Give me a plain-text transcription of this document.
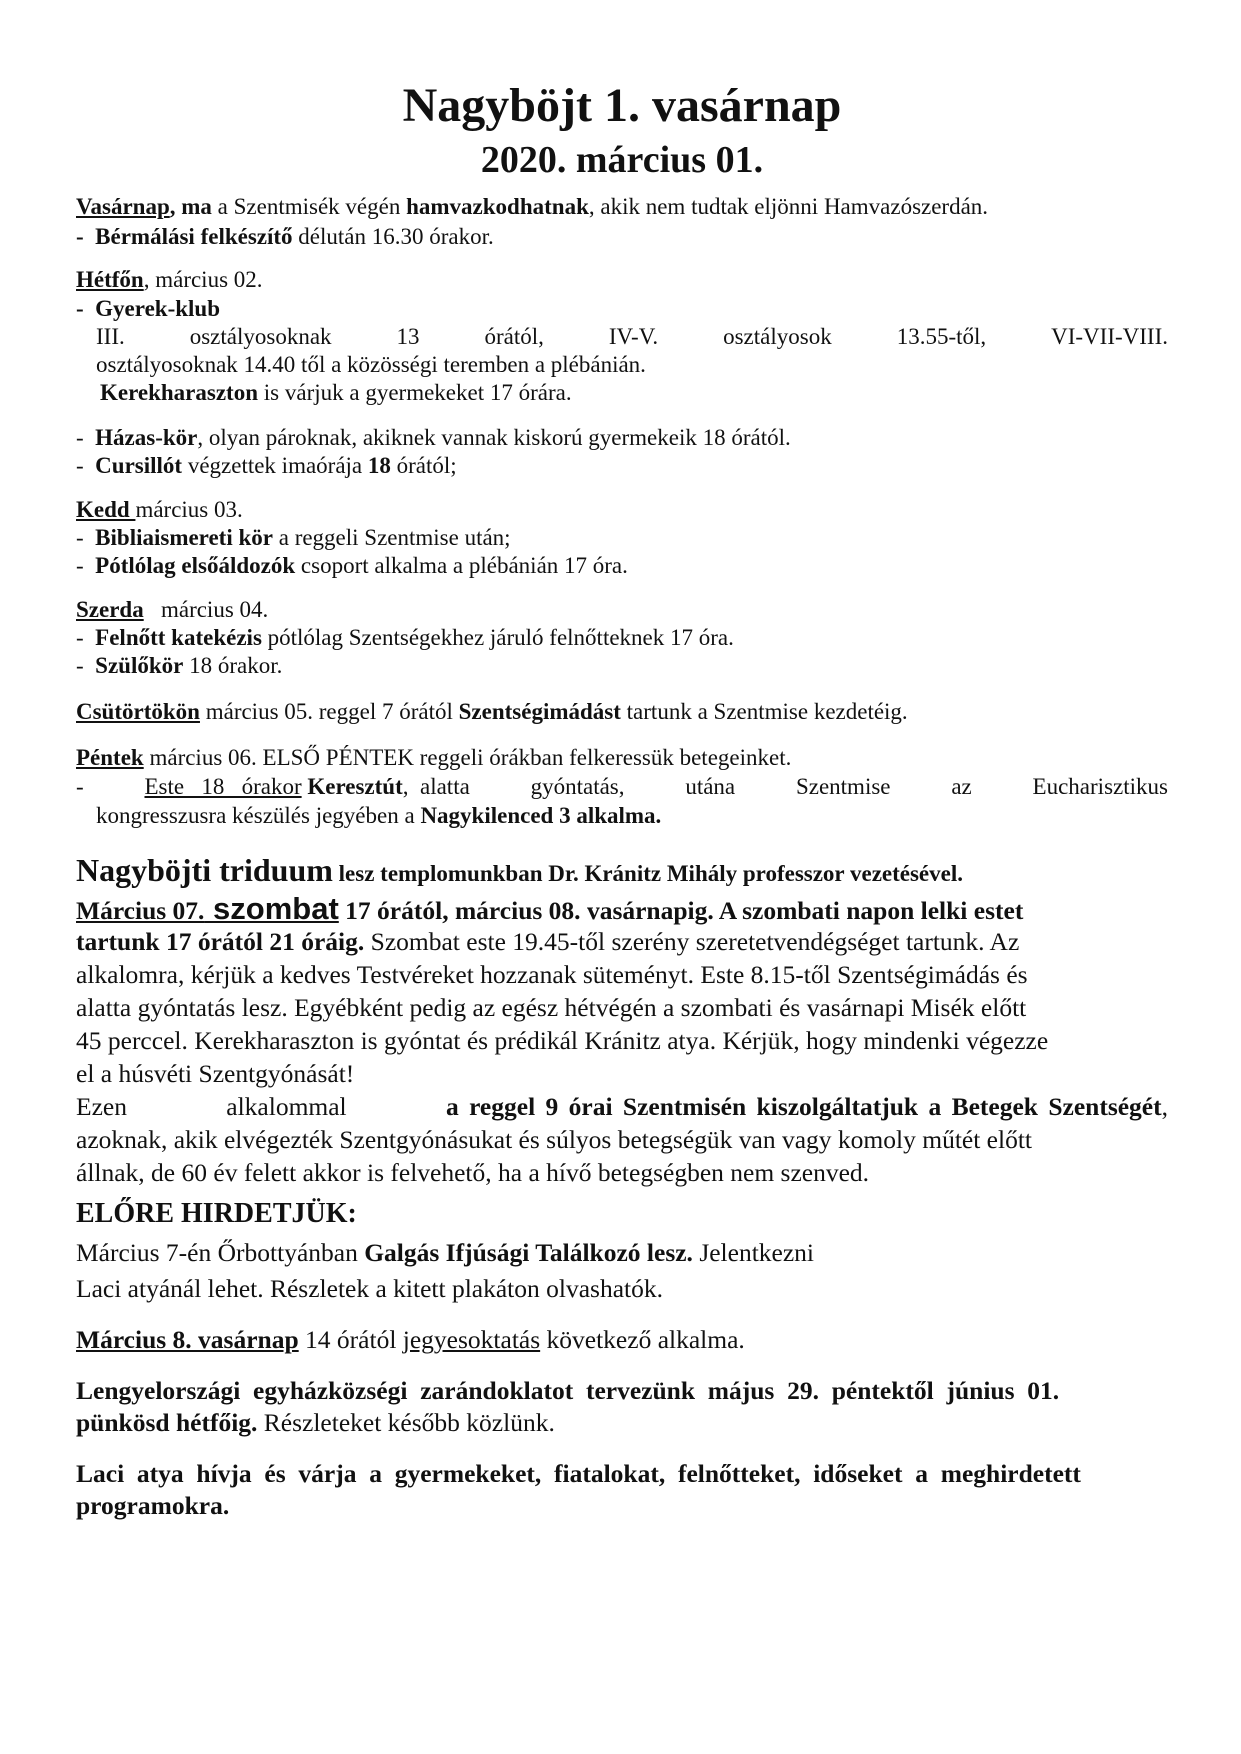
Nagyböjt 1. vasárnap
2020. március 01.

Vasárnap, ma a Szentmisék végén hamvazkodhatnak, akik nem tudtak eljönni Hamvazószerdán.

- Bérmálási felkészítő délután 16.30 órakor.

Hétfőn, március 02.

- Gyerek-klub

III.	osztályosoknak	13	órától,	IV-V.	osztályosok	13.55-től,	VI-VII-VIII.

osztályosoknak 14.40 től a közösségi teremben a plébánián.

Kerekharaszton is várjuk a gyermekeket 17 órára.

- Házas-kör, olyan pároknak, akiknek vannak kiskorú gyermekeik 18 órától.

- Cursillót végzettek imaórája 18 órától;

Kedd március 03.

- Bibliaismereti kör a reggeli Szentmise után;

- Pótlólag elsőáldozók csoport alkalma a plébánián 17 óra.

Szerda   március 04.

- Felnőtt katekézis pótlólag Szentségekhez járuló felnőtteknek 17 óra.

- Szülőkör 18 órakor.

Csütörtökön március 05. reggel 7 órától Szentségimádást tartunk a Szentmise kezdetéig.

Péntek március 06. ELSŐ PÉNTEK reggeli órákban felkeressük betegeinket.

-	Este   18   órakor Keresztút,  alatta	gyóntatás,	utána	Szentmise	az	Eucharisztikus

kongresszusra készülés jegyében a Nagykilenced 3 alkalma.

Nagyböjti triduum lesz templomunkban Dr. Kránitz Mihály professzor vezetésével.

Március 07. szombat 17 órától, március 08. vasárnapig. A szombati napon lelki estet

tartunk 17 órától 21 óráig. Szombat este 19.45-től szerény szeretetvendégséget tartunk. Az

alkalomra, kérjük a kedves Testvéreket hozzanak süteményt. Este 8.15-től Szentségimádás és

alatta gyóntatás lesz. Egyébként pedig az egész hétvégén a szombati és vasárnapi Misék előtt

45 perccel. Kerekharaszton is gyóntat és prédikál Kránitz atya. Kérjük, hogy mindenki végezze

el a húsvéti Szentgyónását!

Ezen	alkalommal	a reggel 9 órai Szentmisén kiszolgáltatjuk a Betegek Szentségét,

azoknak, akik elvégezték Szentgyónásukat és súlyos betegségük van vagy komoly műtét előtt

állnak, de 60 év felett akkor is felvehető, ha a hívő betegségben nem szenved.

ELŐRE HIRDETJÜK:

Március 7-én Őrbottyánban Galgás Ifjúsági Találkozó lesz. Jelentkezni

Laci atyánál lehet. Részletek a kitett plakáton olvashatók.

Március 8. vasárnap 14 órától jegyesoktatás következő alkalma.

Lengyelországi  egyházközségi  zarándoklatot  tervezünk  május  29.  péntektől  június  01.

pünkösd hétfőig. Részleteket később közlünk.

Laci  atya  hívja  és  várja  a  gyermekeket,  fiatalokat,  felnőtteket,  időseket  a  meghirdetett

programokra.
